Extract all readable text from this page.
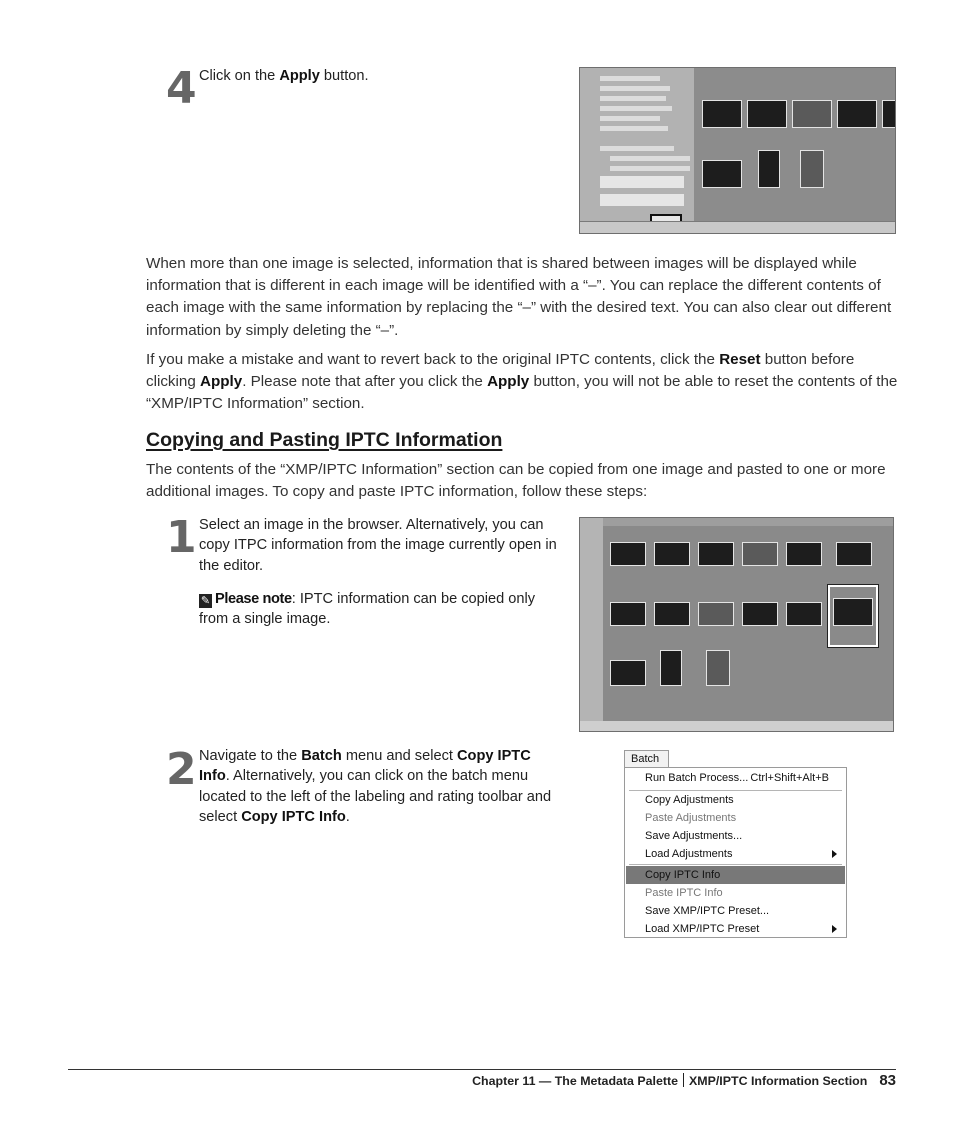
4 Click on the Apply button.
When more than one image is selected, information that is shared between images will be displayed while information that is different in each image will be identified with a “–”. You can replace the different contents of each image with the same information by replacing the “–” with the desired text. You can also clear out different information by simply deleting the “–”.
If you make a mistake and want to revert back to the original IPTC contents, click the Reset button before clicking Apply. Please note that after you click the Apply button, you will not be able to reset the contents of the “XMP/IPTC Information” section.
Copying and Pasting IPTC Information
The contents of the “XMP/IPTC Information” section can be copied from one image and pasted to one or more additional images. To copy and paste IPTC information, follow these steps:
1 Select an image in the browser. Alternatively, you can copy ITPC information from the image currently open in the editor.
✎ Please note: IPTC information can be copied only from a single image.
2 Navigate to the Batch menu and select Copy IPTC Info. Alternatively, you can click on the batch menu located to the left of the labeling and rating toolbar and select Copy IPTC Info.
Batch
Run Batch Process... Ctrl+Shift+Alt+B
Copy Adjustments
Paste Adjustments
Save Adjustments...
Load Adjustments
Copy IPTC Info
Paste IPTC Info
Save XMP/IPTC Preset...
Load XMP/IPTC Preset
Chapter 11 — The Metadata Palette XMP/IPTC Information Section 83
